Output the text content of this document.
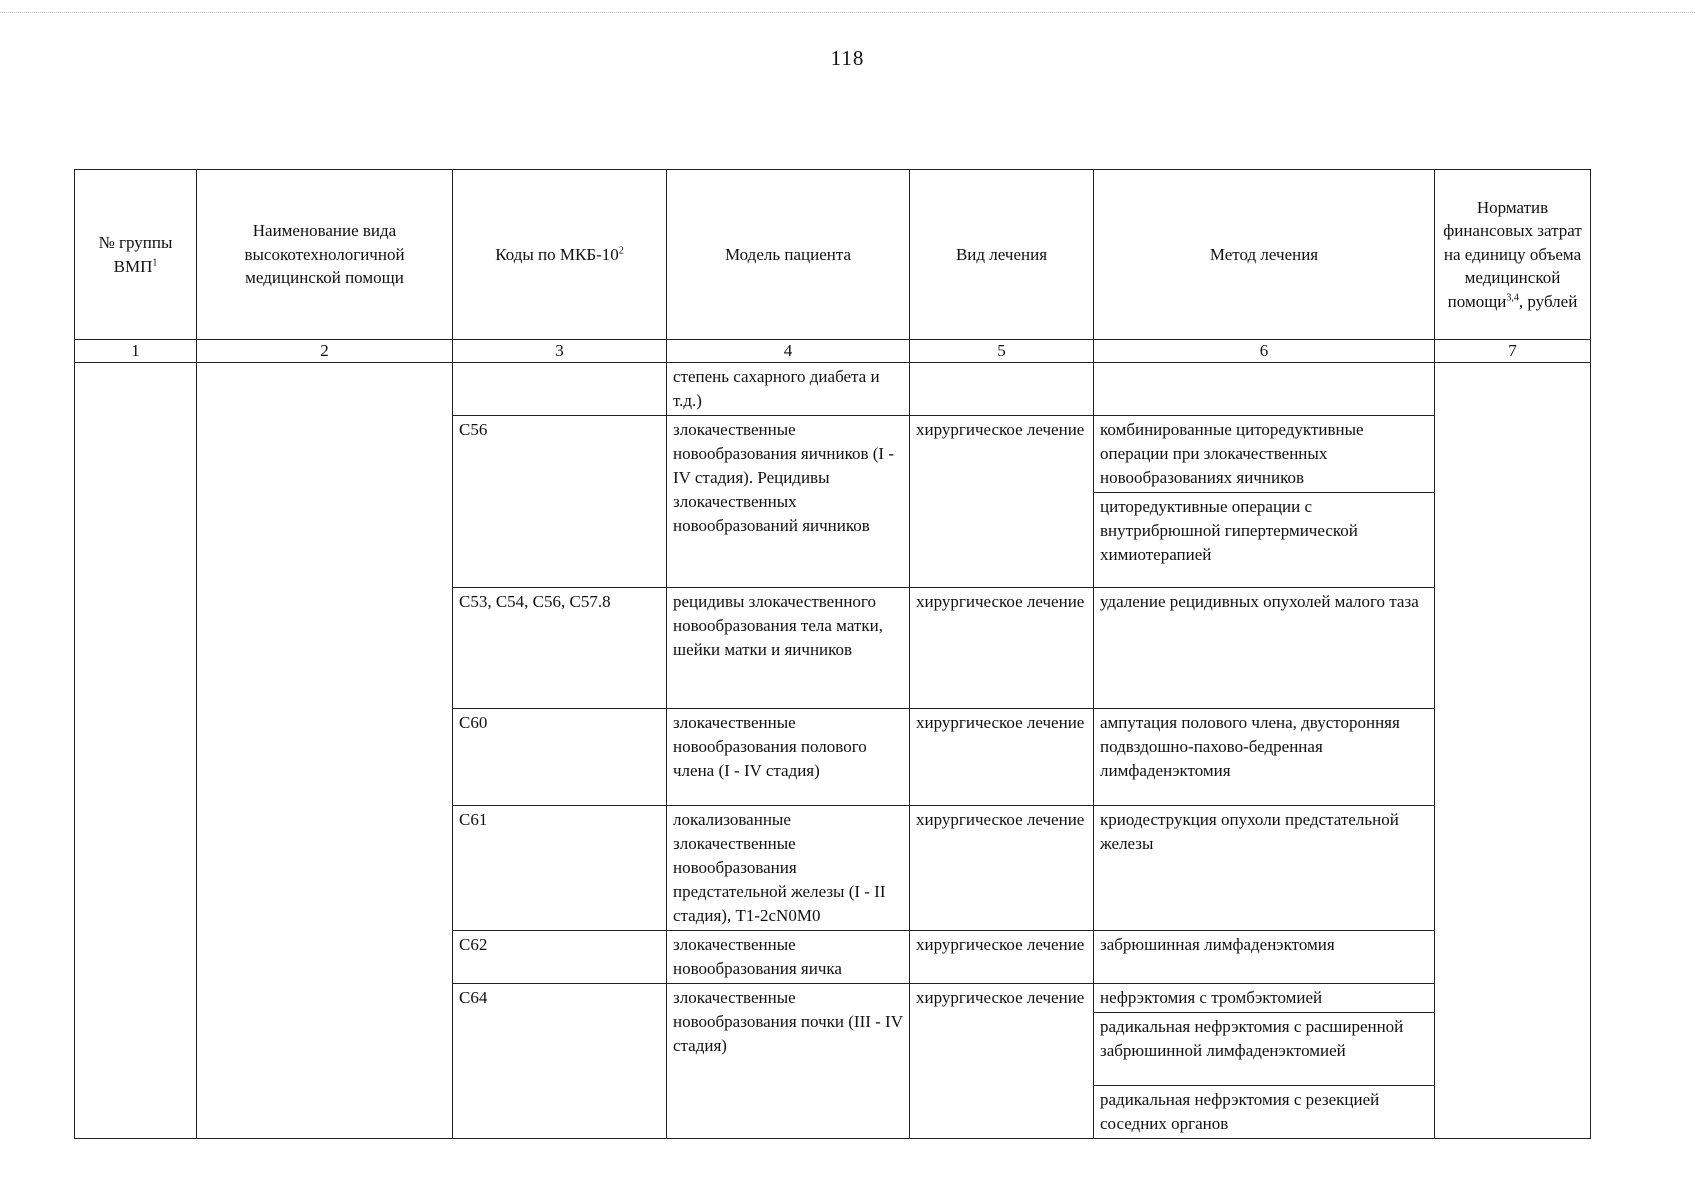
118
№ группы ВМП$^1$	Наименование вида высокотехнологичной медицинской помощи	Коды по МКБ-$10^2$	Модель пациента	Вид лечения	Метод лечения	Норматив финансовых затрат на единицу объема медицинской помощи$^{3,4}$, рублей
1	2	3	4	5	6	7
			степень сахарного диабета и т.д.)			
		C56	злокачественные новообразования яичников (I - IV стадия). Рецидивы злокачественных новообразований яичников	хирургическое лечение	комбинированные циторедуктивные операции при злокачественных новообразованиях яичников	
					циторедуктивные операции с внутрибрюшной гипертермической химиотерапией	
		C53, C54, C56, C57.8	рецидивы злокачественного новообразования тела матки, шейки матки и яичников	хирургическое лечение	удаление рецидивных опухолей малого таза	
		C60	злокачественные новообразования полового члена (I - IV стадия)	хирургическое лечение	ампутация полового члена, двусторонняя подвздошно-пахово-бедренная лимфаденэктомия	
		C61	локализованные злокачественные новообразования предстательной железы (I - II стадия), T1-2cN0M0	хирургическое лечение	криодеструкция опухоли предстательной железы	
		C62	злокачественные новообразования яичка	хирургическое лечение	забрюшинная лимфаденэктомия	
		C64	злокачественные новообразования почки (III - IV стадия)	хирургическое лечение	нефрэктомия с тромбэктомией	
					радикальная нефрэктомия с расширенной забрюшинной лимфаденэктомией	
					радикальная нефрэктомия с резекцией соседних органов	
